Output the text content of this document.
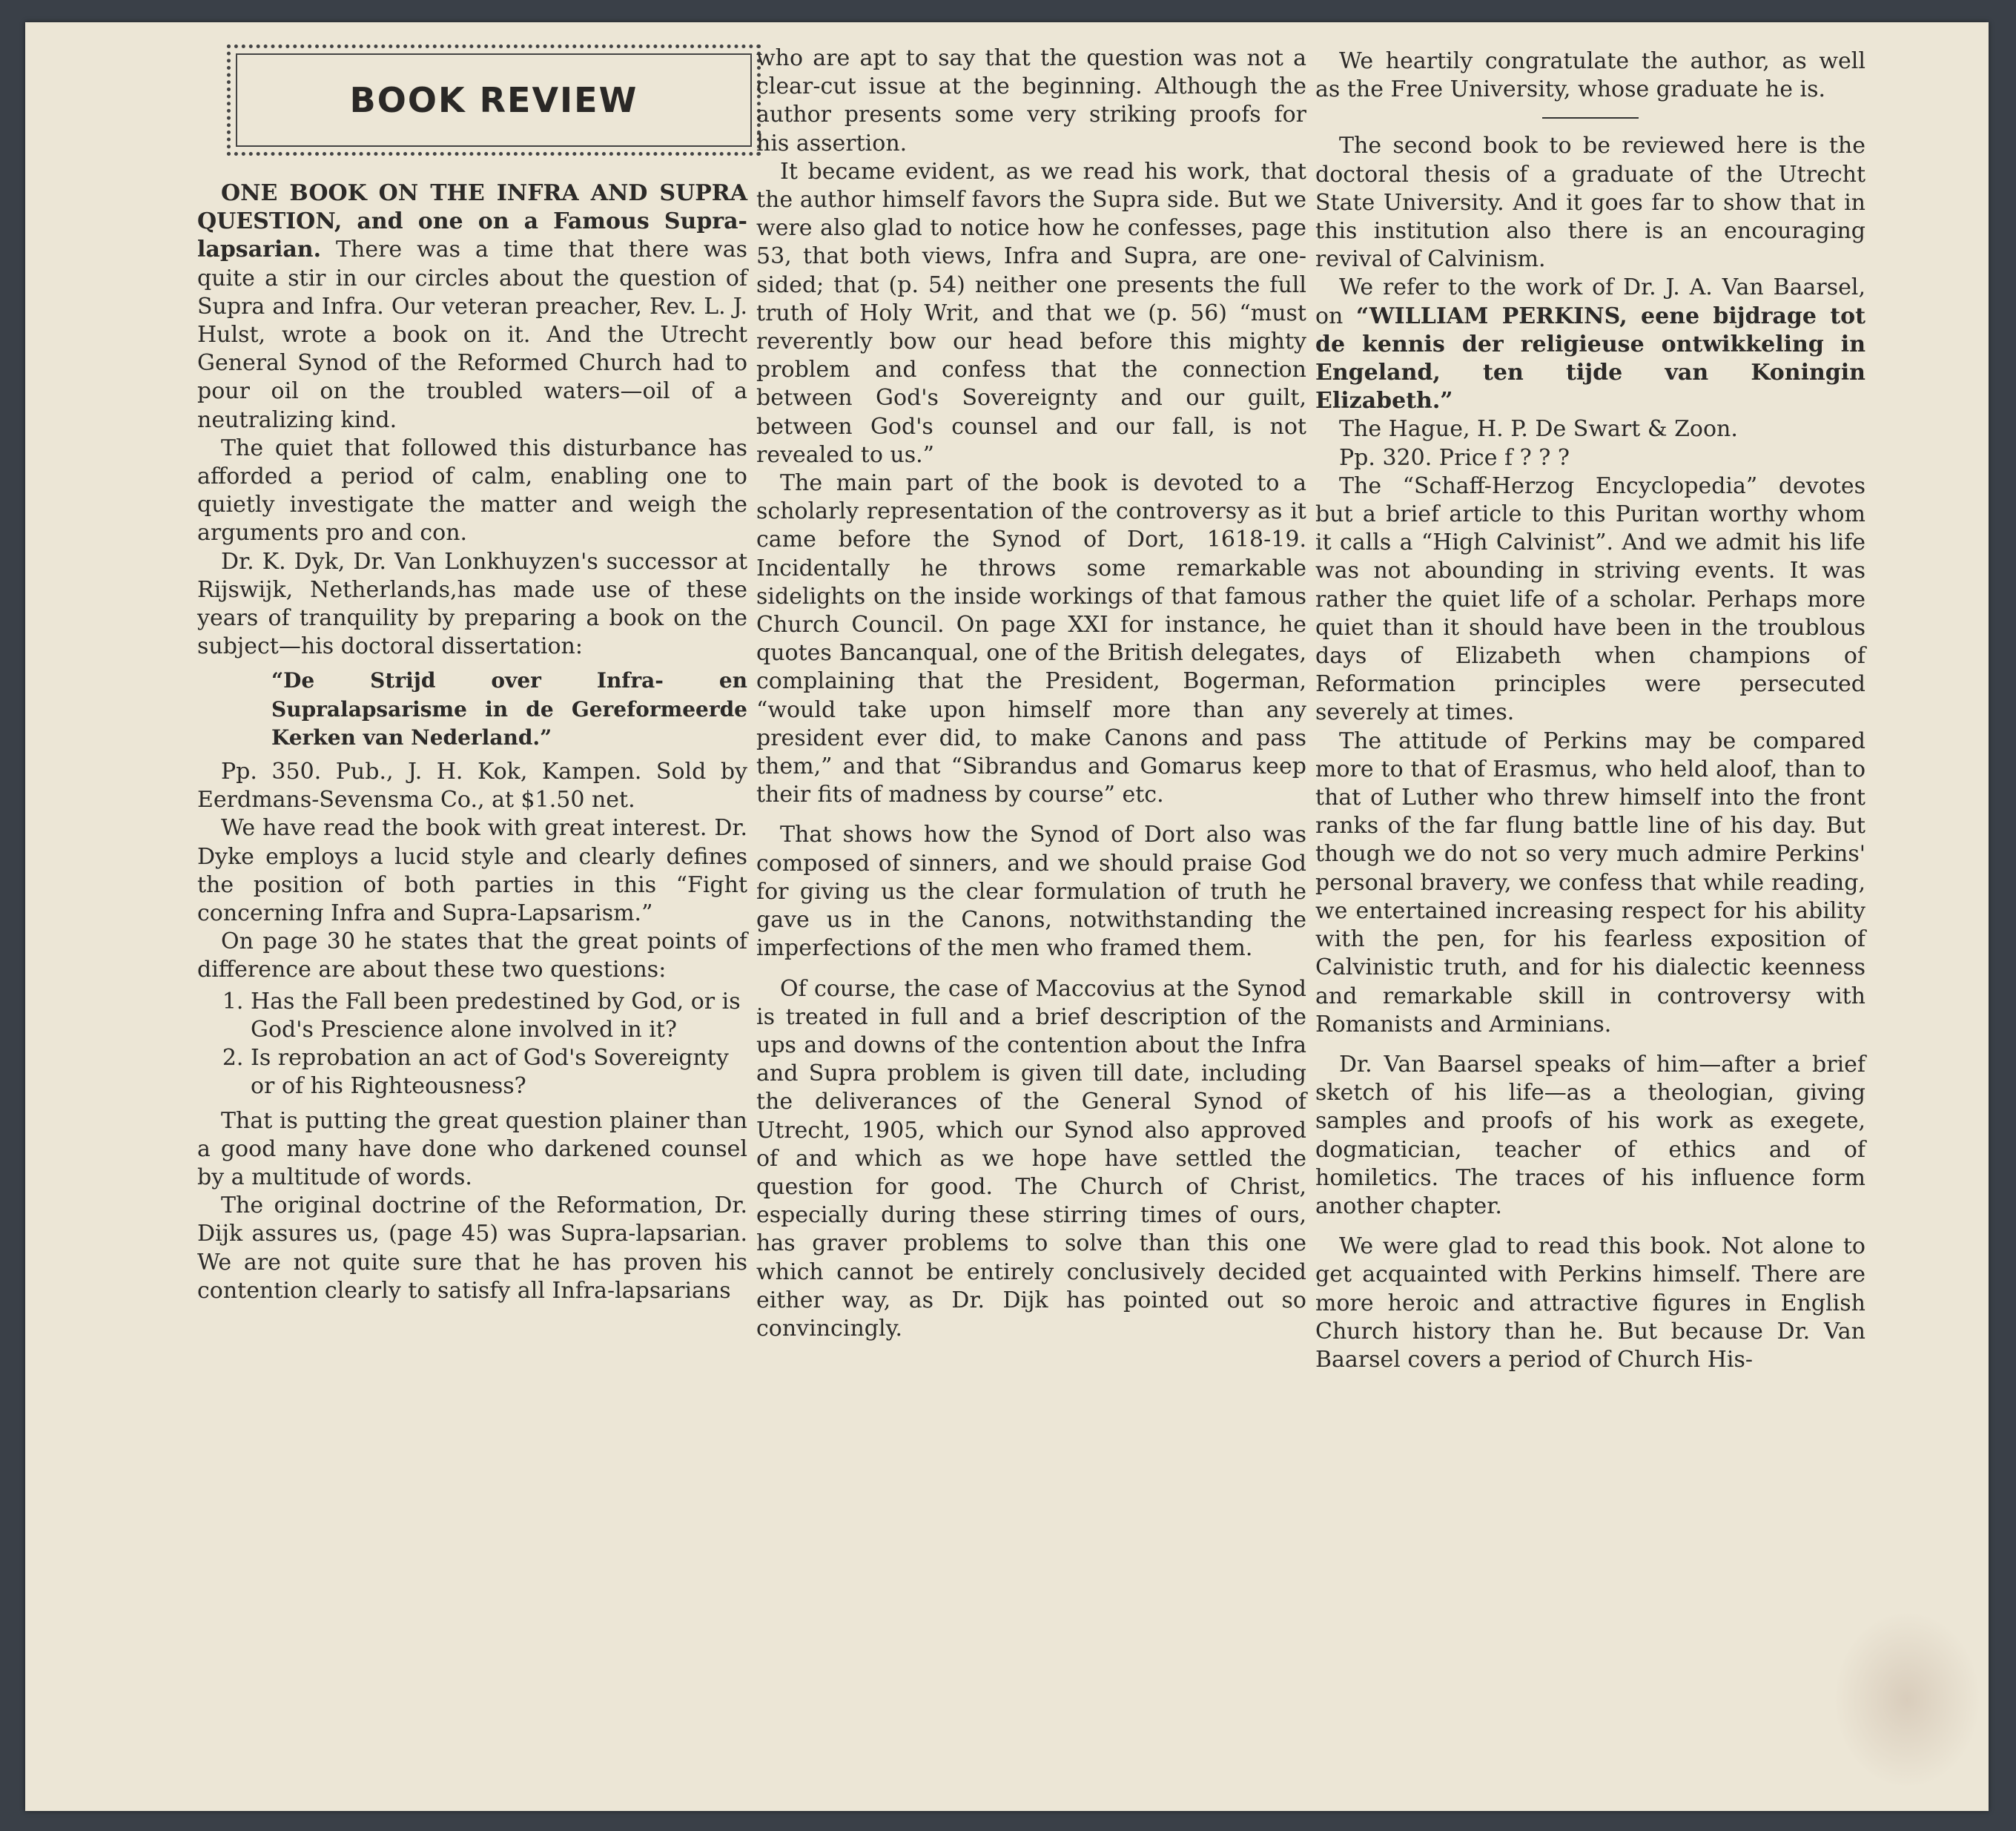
BOOK REVIEW

ONE BOOK ON THE INFRA AND SUPRA QUESTION, and one on a Famous Supra-lapsarian. There was a time that there was quite a stir in our circles about the question of Supra and Infra. Our veteran preacher, Rev. L. J. Hulst, wrote a book on it. And the Utrecht General Synod of the Reformed Church had to pour oil on the troubled waters—oil of a neutralizing kind.

The quiet that followed this disturbance has afforded a period of calm, enabling one to quietly investigate the matter and weigh the arguments pro and con.

Dr. K. Dyk, Dr. Van Lonkhuyzen's successor at Rijswijk, Netherlands,has made use of these years of tranquility by preparing a book on the subject—his doctoral dissertation:

“De Strijd over Infra- en Supralapsarisme in de Gereformeerde Kerken van Nederland.”

Pp. 350. Pub., J. H. Kok, Kampen. Sold by Eerdmans-Sevensma Co., at $1.50 net.

We have read the book with great interest. Dr. Dyke employs a lucid style and clearly defines the position of both parties in this “Fight concerning Infra and Supra-Lapsarism.”

On page 30 he states that the great points of difference are about these two questions:

1. Has the Fall been predestined by God, or is God's Prescience alone involved in it?
2. Is reprobation an act of God's Sovereignty or of his Righteousness?

That is putting the great question plainer than a good many have done who darkened counsel by a multitude of words.

The original doctrine of the Reformation, Dr. Dijk assures us, (page 45) was Supra-lapsarian. We are not quite sure that he has proven his contention clearly to satisfy all Infra-lapsarians

who are apt to say that the question was not a clear-cut issue at the beginning. Although the author presents some very striking proofs for his assertion.

It became evident, as we read his work, that the author himself favors the Supra side. But we were also glad to notice how he confesses, page 53, that both views, Infra and Supra, are one-sided; that (p. 54) neither one presents the full truth of Holy Writ, and that we (p. 56) “must reverently bow our head before this mighty problem and confess that the connection between God's Sovereignty and our guilt, between God's counsel and our fall, is not revealed to us.”

The main part of the book is devoted to a scholarly representation of the controversy as it came before the Synod of Dort, 1618-19. Incidentally he throws some remarkable sidelights on the inside workings of that famous Church Council. On page XXI for instance, he quotes Bancanqual, one of the British delegates, complaining that the President, Bogerman, “would take upon himself more than any president ever did, to make Canons and pass them,” and that “Sibrandus and Gomarus keep their fits of madness by course” etc.

That shows how the Synod of Dort also was composed of sinners, and we should praise God for giving us the clear formulation of truth he gave us in the Canons, notwithstanding the imperfections of the men who framed them.

Of course, the case of Maccovius at the Synod is treated in full and a brief description of the ups and downs of the contention about the Infra and Supra problem is given till date, including the deliverances of the General Synod of Utrecht, 1905, which our Synod also approved of and which as we hope have settled the question for good. The Church of Christ, especially during these stirring times of ours, has graver problems to solve than this one which cannot be entirely conclusively decided either way, as Dr. Dijk has pointed out so convincingly.

We heartily congratulate the author, as well as the Free University, whose graduate he is.

The second book to be reviewed here is the doctoral thesis of a graduate of the Utrecht State University. And it goes far to show that in this institution also there is an encouraging revival of Calvinism.

We refer to the work of Dr. J. A. Van Baarsel, on “WILLIAM PERKINS, eene bijdrage tot de kennis der religieuse ontwikkeling in Engeland, ten tijde van Koningin Elizabeth.”

The Hague, H. P. De Swart & Zoon.

Pp. 320. Price f ? ? ?

The “Schaff-Herzog Encyclopedia” devotes but a brief article to this Puritan worthy whom it calls a “High Calvinist”. And we admit his life was not abounding in striving events. It was rather the quiet life of a scholar. Perhaps more quiet than it should have been in the troublous days of Elizabeth when champions of Reformation principles were persecuted severely at times.

The attitude of Perkins may be compared more to that of Erasmus, who held aloof, than to that of Luther who threw himself into the front ranks of the far flung battle line of his day. But though we do not so very much admire Perkins' personal bravery, we confess that while reading, we entertained increasing respect for his ability with the pen, for his fearless exposition of Calvinistic truth, and for his dialectic keenness and remarkable skill in controversy with Romanists and Arminians.

Dr. Van Baarsel speaks of him—after a brief sketch of his life—as a theologian, giving samples and proofs of his work as exegete, dogmatician, teacher of ethics and of homiletics. The traces of his influence form another chapter.

We were glad to read this book. Not alone to get acquainted with Perkins himself. There are more heroic and attractive figures in English Church history than he. But because Dr. Van Baarsel covers a period of Church His-
